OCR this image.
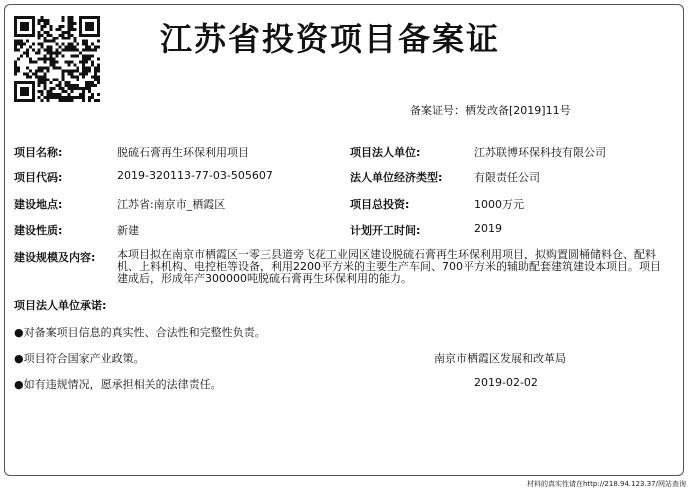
江苏省投资项目备案证
备案证号：栖发改备[2019]11号
项目名称:	脱硫石膏再生环保利用项目	项目法人单位:	江苏联博环保科技有限公司
项目代码:	2019-320113-77-03-505607	法人单位经济类型:	有限责任公司
建设地点:	江苏省:南京市_栖霞区	项目总投资:	1000万元
建设性质:	新建	计划开工时间:	2019
建设规模及内容: 本项目拟在南京市栖霞区一零三县道旁飞花工业园区建设脱硫石膏再生环保利用项目，拟购置圆桶储料仓、配料机、上料机构、电控柜等设备，利用2200平方米的主要生产车间、700平方米的辅助配套建筑建设本项目。项目建成后，形成年产300000吨脱硫石膏再生环保利用的能力。
项目法人单位承诺:
●对备案项目信息的真实性、合法性和完整性负责。
●项目符合国家产业政策。
●如有违规情况，愿承担相关的法律责任。
南京市栖霞区发展和改革局
2019-02-02
材料的真实性请在http://218.94.123.37/网站查询
